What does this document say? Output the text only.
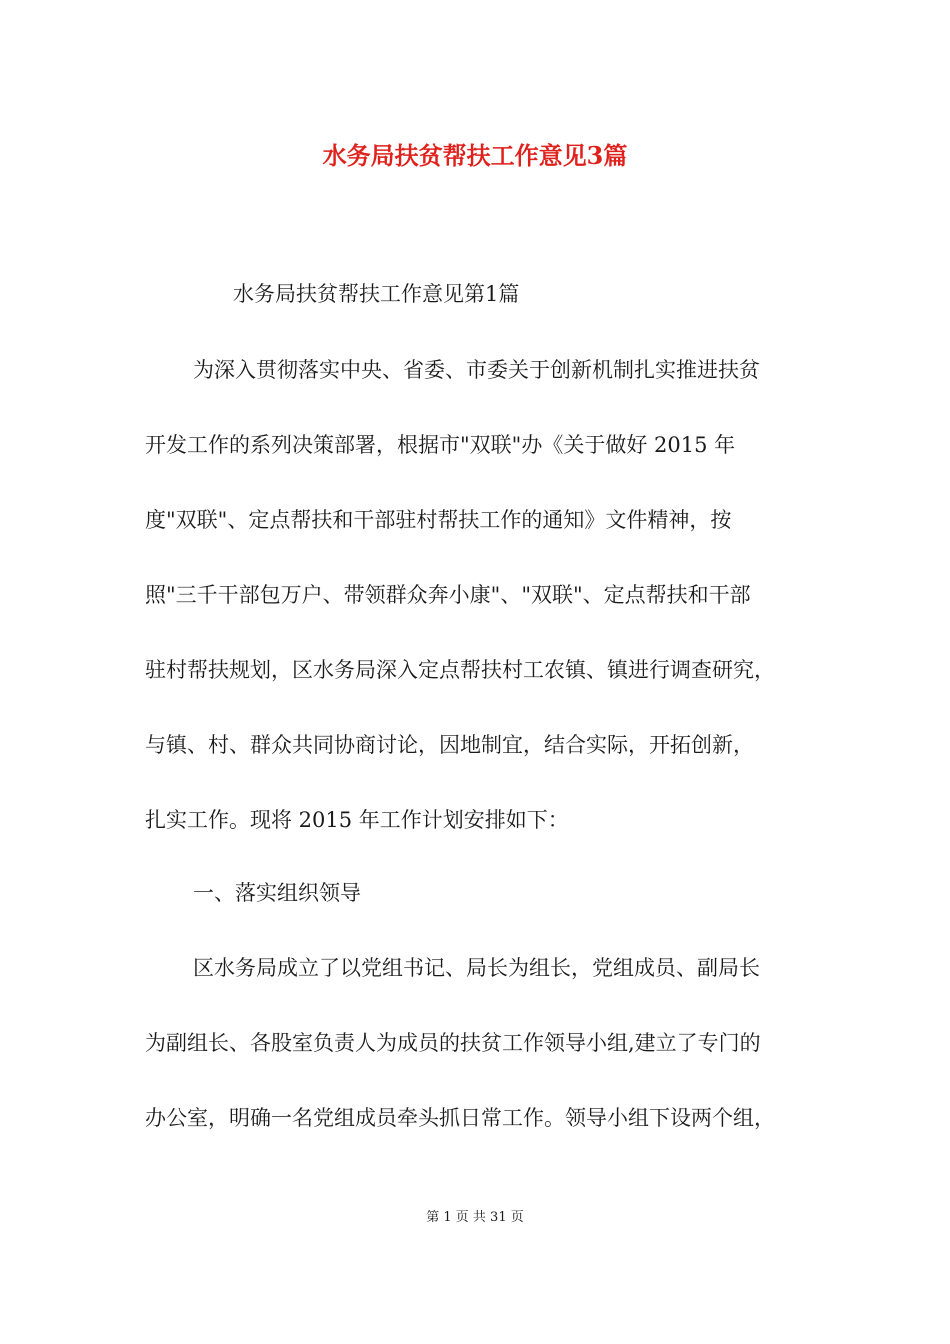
水务局扶贫帮扶工作意见3篇
水务局扶贫帮扶工作意见第1篇
为深入贯彻落实中央、省委、市委关于创新机制扎实推进扶贫
开发工作的系列决策部署，根据市"双联"办《关于做好 2015 年
度"双联"、定点帮扶和干部驻村帮扶工作的通知》文件精神，按
照"三千干部包万户、带领群众奔小康"、"双联"、定点帮扶和干部
驻村帮扶规划，区水务局深入定点帮扶村工农镇、镇进行调查研究，
与镇、村、群众共同协商讨论，因地制宜，结合实际，开拓创新，
扎实工作。现将 2015 年工作计划安排如下：
一、落实组织领导
区水务局成立了以党组书记、局长为组长，党组成员、副局长
为副组长、各股室负责人为成员的扶贫工作领导小组,建立了专门的
办公室，明确一名党组成员牵头抓日常工作。领导小组下设两个组，
第 1 页 共 31 页
